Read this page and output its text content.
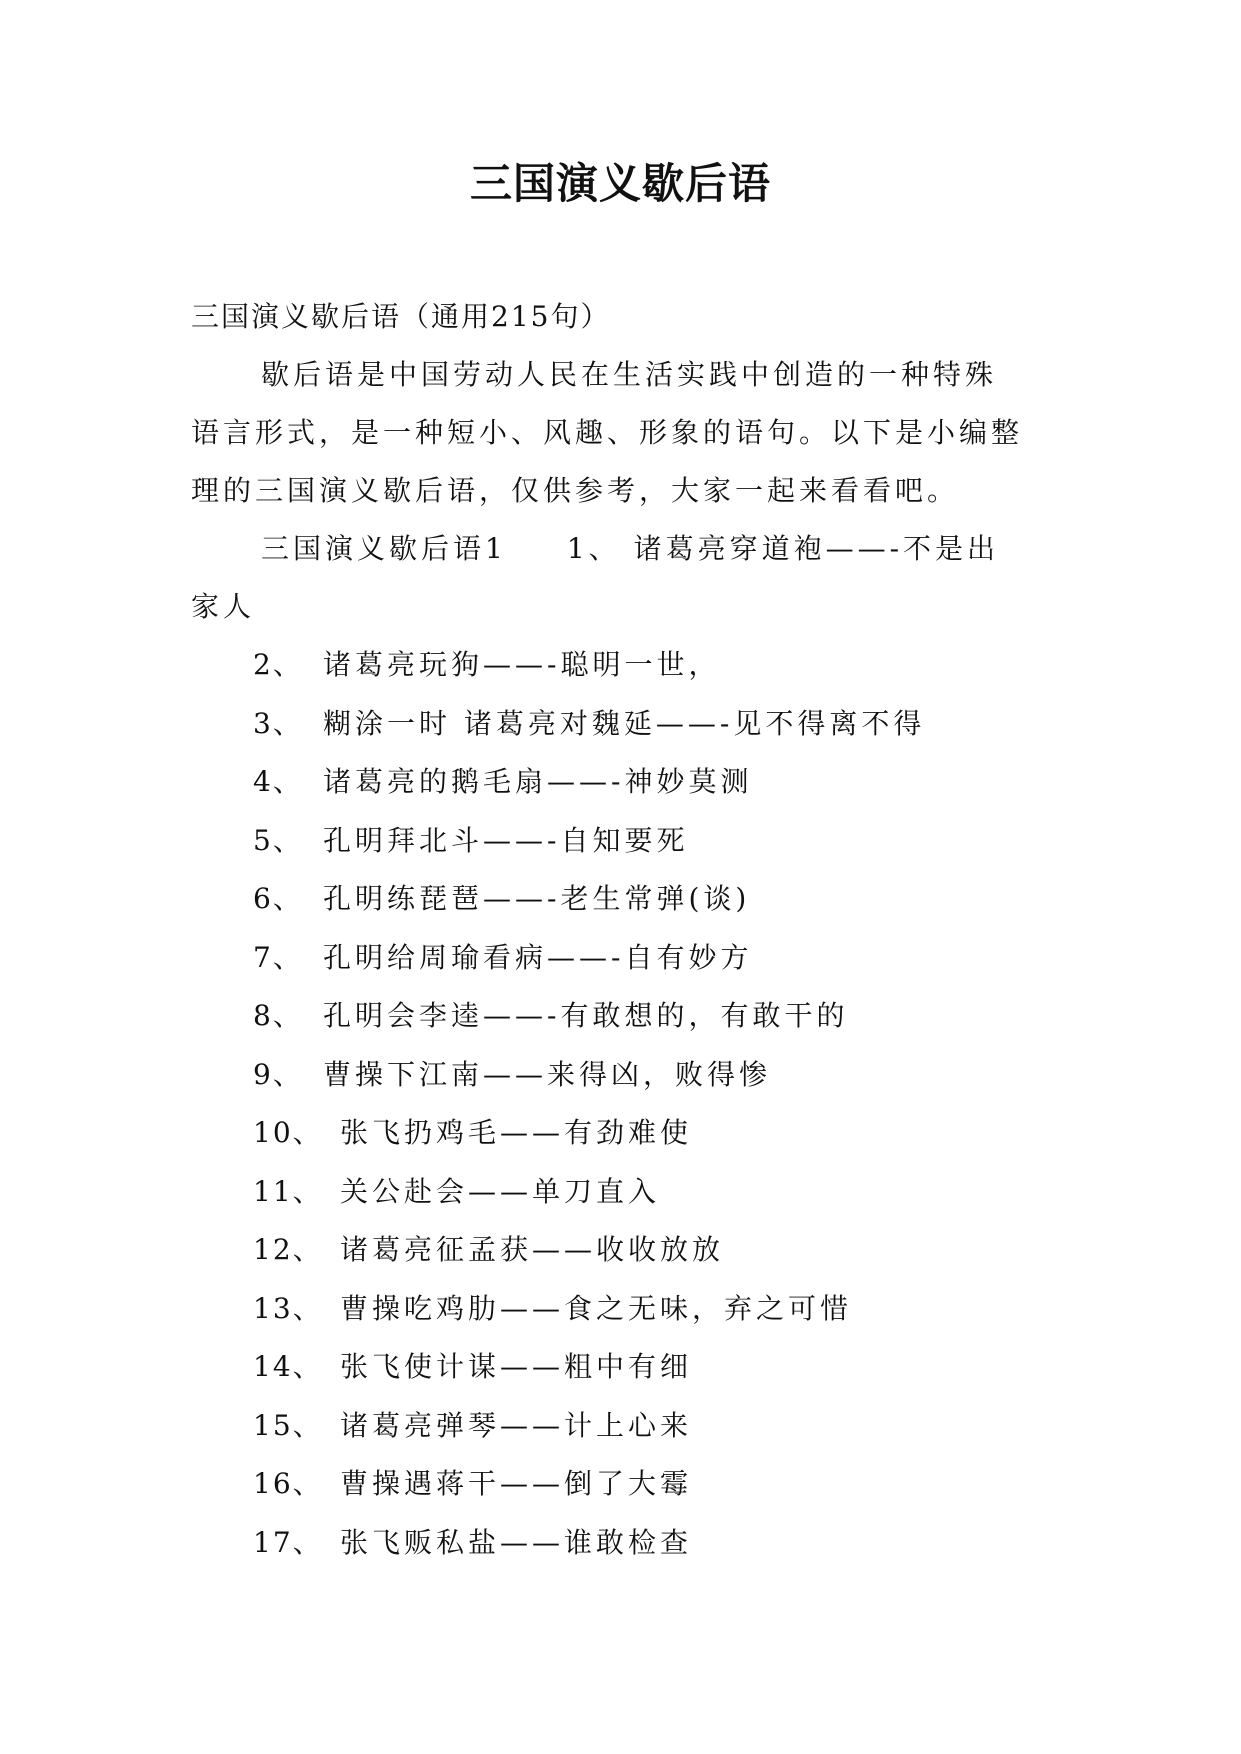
三国演义歇后语
三国演义歇后语（通用215句）
歇后语是中国劳动人民在生活实践中创造的一种特殊
语言形式，是一种短小、风趣、形象的语句。以下是小编整
理的三国演义歇后语，仅供参考，大家一起来看看吧。
三国演义歇后语1 1、 诸葛亮穿道袍——-不是出
家人
2、 诸葛亮玩狗——-聪明一世，
3、 糊涂一时 诸葛亮对魏延——-见不得离不得
4、 诸葛亮的鹅毛扇——-神妙莫测
5、 孔明拜北斗——-自知要死
6、 孔明练琵琶——-老生常弹(谈)
7、 孔明给周瑜看病——-自有妙方
8、 孔明会李逵——-有敢想的，有敢干的
9、 曹操下江南——来得凶，败得惨
10、 张飞扔鸡毛——有劲难使
11、 关公赴会——单刀直入
12、 诸葛亮征孟获——收收放放
13、 曹操吃鸡肋——食之无味，弃之可惜
14、 张飞使计谋——粗中有细
15、 诸葛亮弹琴——计上心来
16、 曹操遇蒋干——倒了大霉
17、 张飞贩私盐——谁敢检查
